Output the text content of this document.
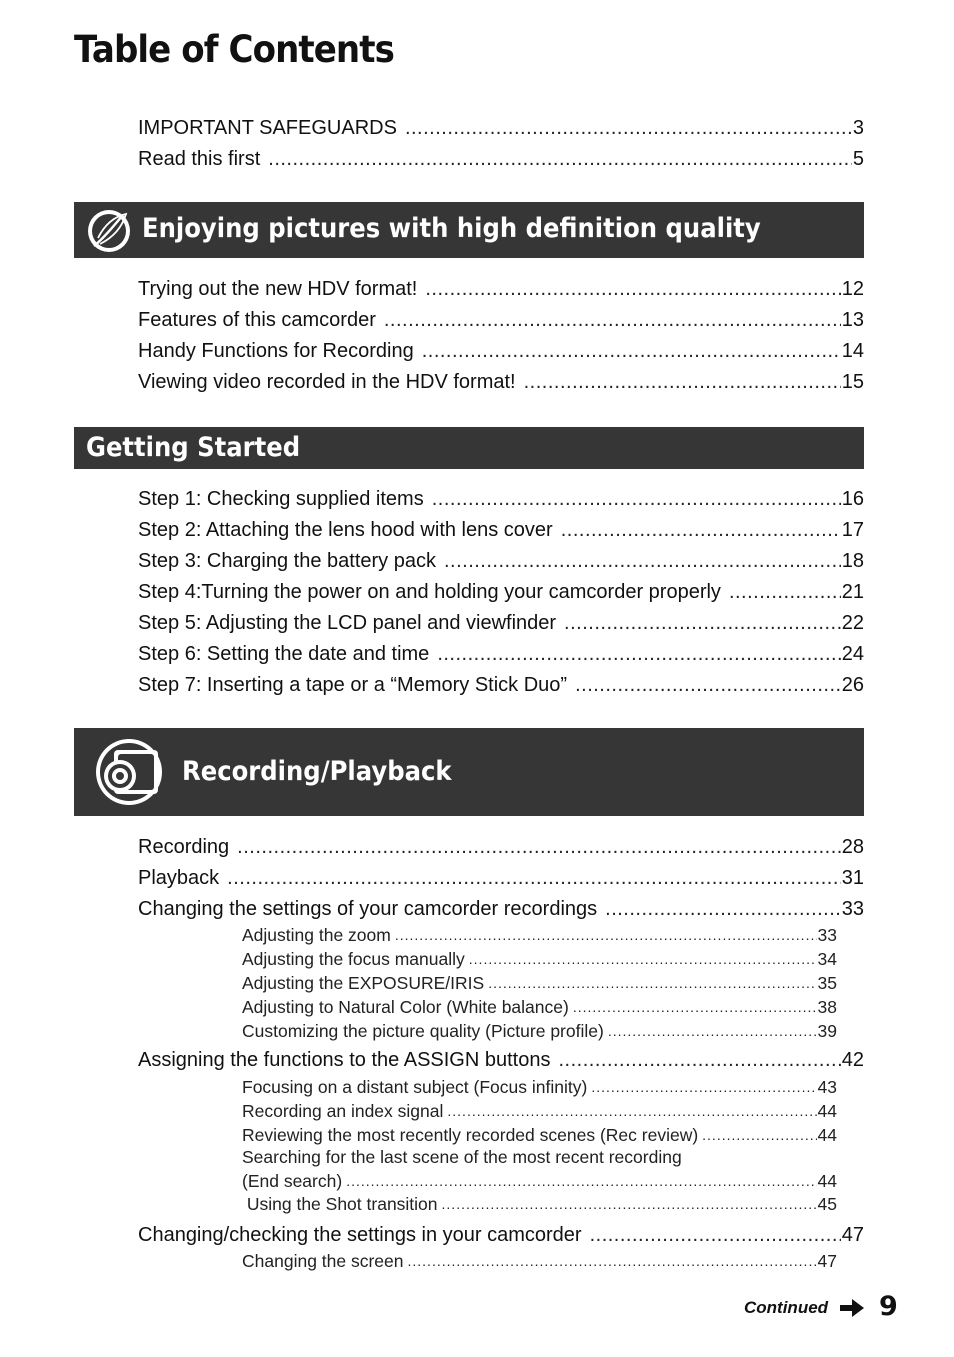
Table of Contents
IMPORTANT SAFEGUARDS .....	3
Read this first .....	5
Enjoying pictures with high definition quality
Trying out the new HDV format! .....	12
Features of this camcorder .....	13
Handy Functions for Recording .....	14
Viewing video recorded in the HDV format! .....	15
Getting Started
Step 1: Checking supplied items .....	16
Step 2: Attaching the lens hood with lens cover .....	17
Step 3: Charging the battery pack .....	18
Step 4:Turning the power on and holding your camcorder properly .....	21
Step 5: Adjusting the LCD panel and viewfinder .....	22
Step 6: Setting the date and time .....	24
Step 7: Inserting a tape or a “Memory Stick Duo” .....	26
Recording/Playback
Recording .....	28
Playback .....	31
Changing the settings of your camcorder recordings .....	33
Adjusting the zoom .....	33
Adjusting the focus manually .....	34
Adjusting the EXPOSURE/IRIS .....	35
Adjusting to Natural Color (White balance) .....	38
Customizing the picture quality (Picture profile) .....	39
Assigning the functions to the ASSIGN buttons .....	42
Focusing on a distant subject (Focus infinity) .....	43
Recording an index signal .....	44
Reviewing the most recently recorded scenes (Rec review) .....	44
Searching for the last scene of the most recent recording
(End search) .....	44
Using the Shot transition .....	45
Changing/checking the settings in your camcorder .....	47
Changing the screen .....	47
Continued 9
